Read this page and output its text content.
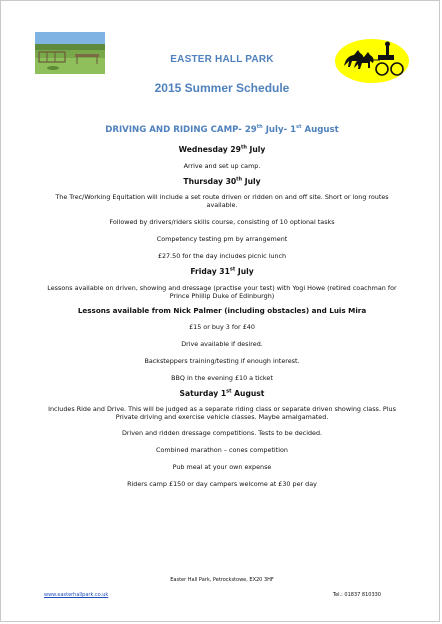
EASTER HALL PARK
2015 Summer Schedule

DRIVING AND RIDING CAMP- 29th July- 1st August

Wednesday 29th July

Arrive and set up camp.

Thursday 30th July

The Trec/Working Equitation will include a set route driven or ridden on and off site. Short or long routes available.

Followed by drivers/riders skills course, consisting of 10 optional tasks

Competency testing pm by arrangement

£27.50 for the day includes picnic lunch

Friday 31st July

Lessons available on driven, showing and dressage (practise your test) with Yogi Howe (retired coachman for Prince Phillip Duke of Edinburgh)

Lessons available from Nick Palmer (including obstacles) and Luis Mira

£15 or buy 3 for £40

Drive available if desired.

Backsteppers training/testing if enough interest.

BBQ in the evening £10 a ticket

Saturday 1st August

Includes Ride and Drive. This will be judged as a separate riding class or separate driven showing class. Plus Private driving and exercise vehicle classes. Maybe amalgamated.

Driven and ridden dressage competitions. Tests to be decided.

Combined marathon – cones competition

Pub meal at your own expense

Riders camp £150 or day campers welcome at £30 per day

Easter Hall Park, Petrockstowe, EX20 3HF
www.easterhallpark.co.uk	Tel.: 01837 810330
